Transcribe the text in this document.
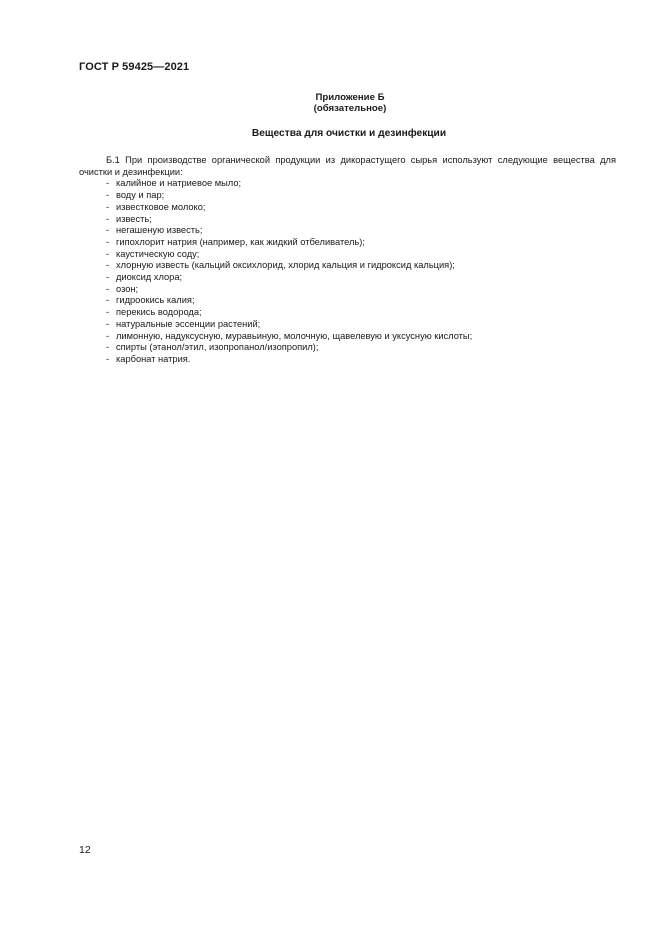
ГОСТ Р 59425—2021
Приложение Б
(обязательное)
Вещества для очистки и дезинфекции

Б.1 При производстве органической продукции из дикорастущего сырья используют следующие вещества для очистки и дезинфекции:

- калийное и натриевое мыло;
- воду и пар;
- известковое молоко;
- известь;
- негашеную известь;
- гипохлорит натрия (например, как жидкий отбеливатель);
- каустическую соду;
- хлорную известь (кальций оксихлорид, хлорид кальция и гидроксид кальция);
- диоксид хлора;
- озон;
- гидроокись калия;
- перекись водорода;
- натуральные эссенции растений;
- лимонную, надуксусную, муравьиную, молочную, щавелевую и уксусную кислоты;
- спирты (этанол/этил, изопропанол/изопропил);
- карбонат натрия.
12
